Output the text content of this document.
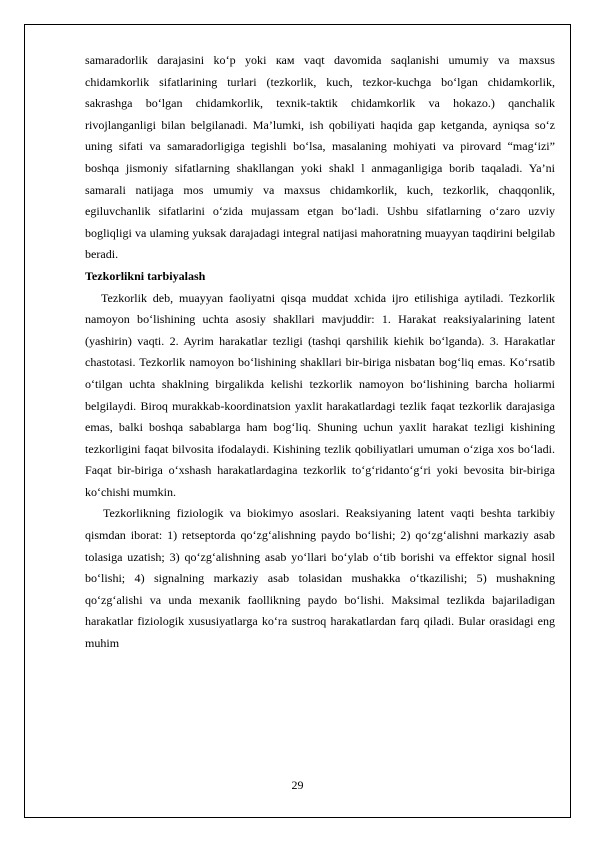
samaradorlik darajasini ko‘p yoki кам vaqt davomida saqlanishi umumiy va maxsus chidamkorlik sifatlarining turlari (tezkorlik, kuch, tezkor-kuchga bo‘lgan chidamkorlik, sakrashga bo‘lgan chidamkorlik, texnik-taktik chidamkorlik va hokazo.) qanchalik rivojlanganligi bilan belgilanadi. Ma’lumki, ish qobiliyati haqida gap ketganda, ayniqsa so‘z uning sifati va samaradorligiga tegishli bo‘lsa, masalaning mohiyati va pirovard “mag‘izi” boshqa jismoniy sifatlarning shakllangan yoki shakl l anmaganligiga borib taqaladi. Ya’ni samarali natijaga mos umumiy va maxsus chidamkorlik, kuch, tezkorlik, chaqqonlik, egiluvchanlik sifatlarini o‘zida mujassam etgan bo‘ladi. Ushbu sifatlarning o‘zaro uzviy bogliqligi va ulaming yuksak darajadagi integral natijasi mahoratning muayyan taqdirini belgilab beradi.

Tezkorlikni tarbiyalash

Tezkorlik deb, muayyan faoliyatni qisqa muddat xchida ijro etilishiga aytiladi. Tezkorlik namoyon bo‘lishining uchta asosiy shakllari mavjuddir: 1. Harakat reaksiyalarining latent (yashirin) vaqti. 2. Ayrim harakatlar tezligi (tashqi qarshilik kiehik bo‘lganda). 3. Harakatlar chastotasi. Tezkorlik namoyon bo‘lishining shakllari bir-biriga nisbatan bog‘liq emas. Ko‘rsatib o‘tilgan uchta shaklning birgalikda kelishi tezkorlik namoyon bo‘lishining barcha holiarmi belgilaydi. Biroq murakkab-koordinatsion yaxlit harakatlardagi tezlik faqat tezkorlik darajasiga emas, balki boshqa sabablarga ham bog‘liq. Shuning uchun yaxlit harakat tezligi kishining tezkorligini faqat bilvosita ifodalaydi. Kishining tezlik qobiliyatlari umuman o‘ziga xos bo‘ladi. Faqat bir-biriga o‘xshash harakatlardagina tezkorlik to‘g‘ridanto‘g‘ri yoki bevosita bir-biriga ko‘chishi mumkin.

Tezkorlikning fiziologik va biokimyo asoslari. Reaksiyaning latent vaqti beshta tarkibiy qismdan iborat: 1) retseptorda qo‘zg‘alishning paydo bo‘lishi; 2) qo‘zg‘alishni markaziy asab tolasiga uzatish; 3) qo‘zg‘alishning asab yo‘llari bo‘ylab o‘tib borishi va effektor signal hosil bo‘lishi; 4) signalning markaziy asab tolasidan mushakka o‘tkazilishi; 5) mushakning qo‘zg‘alishi va unda mexanik faollikning paydo bo‘lishi. Maksimal tezlikda bajariladigan harakatlar fiziologik xususiyatlarga ko‘ra sustroq harakatlardan farq qiladi. Bular orasidagi eng muhim

29
